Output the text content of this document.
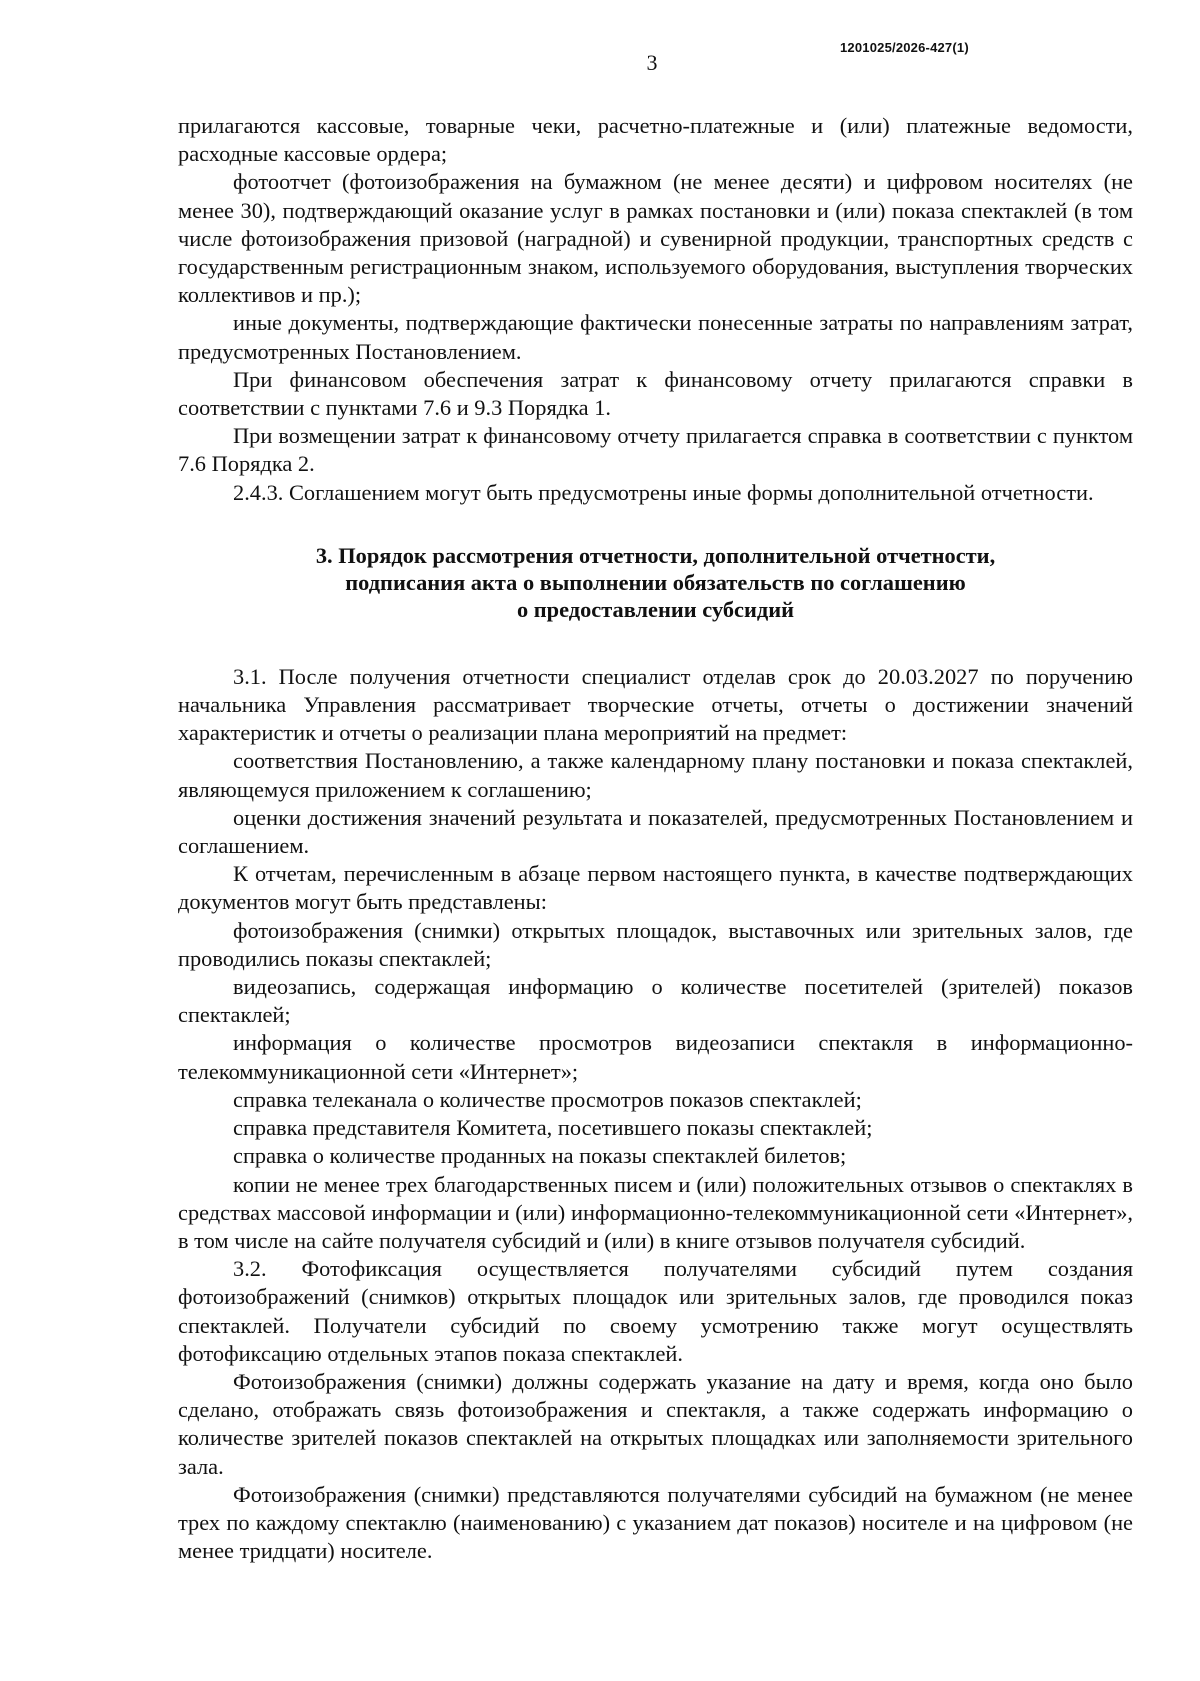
3
1201025/2026-427(1)

прилагаются кассовые, товарные чеки, расчетно-платежные и (или) платежные ведомости, расходные кассовые ордера;

фотоотчет (фотоизображения на бумажном (не менее десяти) и цифровом носителях (не менее 30), подтверждающий оказание услуг в рамках постановки и (или) показа спектаклей (в том числе фотоизображения призовой (наградной) и сувенирной продукции, транспортных средств с государственным регистрационным знаком, используемого оборудования, выступления творческих коллективов и пр.);

иные документы, подтверждающие фактически понесенные затраты по направлениям затрат, предусмотренных Постановлением.

При финансовом обеспечения затрат к финансовому отчету прилагаются справки в соответствии с пунктами 7.6 и 9.3 Порядка 1.

При возмещении затрат к финансовому отчету прилагается справка в соответствии с пунктом 7.6 Порядка 2.

2.4.3. Соглашением могут быть предусмотрены иные формы дополнительной отчетности.

3. Порядок рассмотрения отчетности, дополнительной отчетности,
подписания акта о выполнении обязательств по соглашению
о предоставлении субсидий

3.1. После получения отчетности специалист отделав срок до 20.03.2027 по поручению начальника Управления рассматривает творческие отчеты, отчеты о достижении значений характеристик и отчеты о реализации плана мероприятий на предмет:

соответствия Постановлению, а также календарному плану постановки и показа спектаклей, являющемуся приложением к соглашению;

оценки достижения значений результата и показателей, предусмотренных Постановлением и соглашением.

К отчетам, перечисленным в абзаце первом настоящего пункта, в качестве подтверждающих документов могут быть представлены:

фотоизображения (снимки) открытых площадок, выставочных или зрительных залов, где проводились показы спектаклей;

видеозапись, содержащая информацию о количестве посетителей (зрителей) показов спектаклей;

информация о количестве просмотров видеозаписи спектакля в информационно-телекоммуникационной сети «Интернет»;

справка телеканала о количестве просмотров показов спектаклей;

справка представителя Комитета, посетившего показы спектаклей;

справка о количестве проданных на показы спектаклей билетов;

копии не менее трех благодарственных писем и (или) положительных отзывов о спектаклях в средствах массовой информации и (или) информационно-телекоммуникационной сети «Интернет», в том числе на сайте получателя субсидий и (или) в книге отзывов получателя субсидий.

3.2. Фотофиксация осуществляется получателями субсидий путем создания фотоизображений (снимков) открытых площадок или зрительных залов, где проводился показ спектаклей. Получатели субсидий по своему усмотрению также могут осуществлять фотофиксацию отдельных этапов показа спектаклей.

Фотоизображения (снимки) должны содержать указание на дату и время, когда оно было сделано, отображать связь фотоизображения и спектакля, а также содержать информацию о количестве зрителей показов спектаклей на открытых площадках или заполняемости зрительного зала.

Фотоизображения (снимки) представляются получателями субсидий на бумажном (не менее трех по каждому спектаклю (наименованию) с указанием дат показов) носителе и на цифровом (не менее тридцати) носителе.
